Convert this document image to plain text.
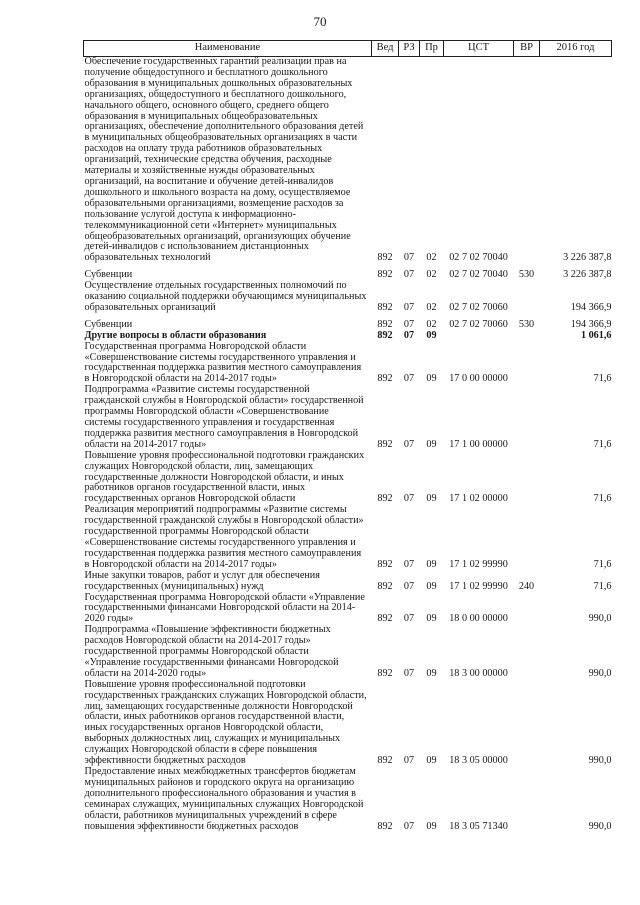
70
Наименование	Вед	РЗ	Пр	ЦСТ	ВР	2016 год
Обеспечение государственных гарантий реализации прав на получение общедоступного и бесплатного дошкольного образования в муниципальных дошкольных образовательных организациях, общедоступного и бесплатного дошкольного, начального общего, основного общего, среднего общего образования в муниципальных общеобразовательных организациях, обеспечение дополнительного образования детей в муниципальных общеобразовательных организациях в части расходов на оплату труда работников образовательных организаций, технические средства обучения, расходные материалы и хозяйственные нужды образовательных организаций, на воспитание и обучение детей-инвалидов дошкольного и школьного возраста на дому, осуществляемое образовательными организациями, возмещение расходов за пользование услугой доступа к информационно-телекоммуникационной сети «Интернет» муниципальных общеобразовательных организаций, организующих обучение детей-инвалидов с использованием дистанционных образовательных технологий	892	07	02	02 7 02 70040		3 226 387,8

Субвенции	892	07	02	02 7 02 70040	530	3 226 387,8
Осуществление отдельных государственных полномочий по оказанию социальной поддержки обучающимся муниципальных образовательных организаций	892	07	02	02 7 02 70060		194 366,9

Субвенции	892	07	02	02 7 02 70060	530	194 366,9
Другие вопросы в области образования	892	07	09			1 061,6
Государственная программа Новгородской области «Совершенствование системы государственного управления и государственная поддержка развития местного самоуправления в Новгородской области на 2014-2017 годы»	892	07	09	17 0 00 00000		71,6
Подпрограмма «Развитие системы государственной гражданской службы в Новгородской области» государственной программы Новгородской области «Совершенствование системы государственного управления и государственная поддержка развития местного самоуправления в Новгородской области на 2014-2017 годы»	892	07	09	17 1 00 00000		71,6
Повышение уровня профессиональной подготовки гражданских служащих Новгородской области, лиц, замещающих государственные должности Новгородской области, и иных работников органов государственной власти, иных государственных органов Новгородской области	892	07	09	17 1 02 00000		71,6
Реализация мероприятий подпрограммы «Развитие системы государственной гражданской службы в Новгородской области» государственной программы Новгородской области «Совершенствование системы государственного управления и государственная поддержка развития местного самоуправления в Новгородской области на 2014-2017 годы»	892	07	09	17 1 02 99990		71,6
Иные закупки товаров, работ и услуг для обеспечения государственных (муниципальных) нужд	892	07	09	17 1 02 99990	240	71,6
Государственная программа Новгородской области «Управление государственными финансами Новгородской области на 2014-2020 годы»	892	07	09	18 0 00 00000		990,0
Подпрограмма «Повышение эффективности бюджетных расходов Новгородской области на 2014-2017 годы» государственной программы Новгородской области «Управление государственными финансами Новгородской области на 2014-2020 годы»	892	07	09	18 3 00 00000		990,0
Повышение уровня профессиональной подготовки государственных гражданских служащих Новгородской области, лиц, замещающих государственные должности Новгородской области, иных работников органов государственной власти, иных государственных органов Новгородской области, выборных должностных лиц, служащих и муниципальных служащих Новгородской области в сфере повышения эффективности бюджетных расходов	892	07	09	18 3 05 00000		990,0
Предоставление иных межбюджетных трансфертов бюджетам муниципальных районов и городского округа на организацию дополнительного профессионального образования и участия в семинарах служащих, муниципальных служащих Новгородской области, работников муниципальных учреждений в сфере повышения эффективности бюджетных расходов	892	07	09	18 3 05 71340		990,0
